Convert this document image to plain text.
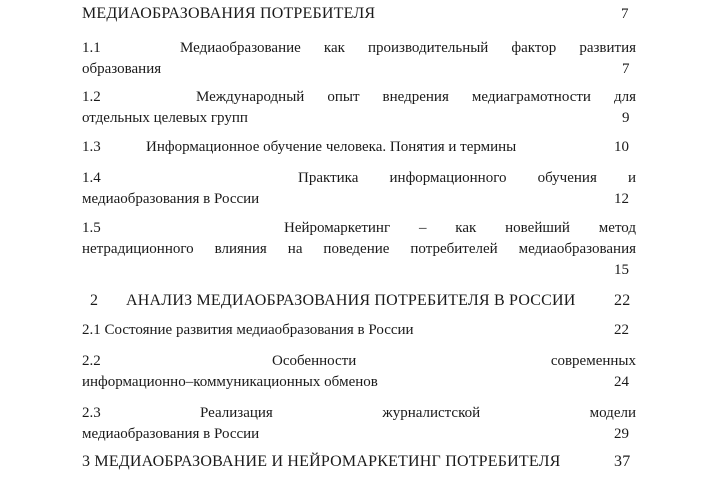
МЕДИАОБРАЗОВАНИЯ ПОТРЕБИТЕЛЯ	7
1.1	Медиаобразование как производительный фактор развития
образования	7
1.2	Международный опыт внедрения медиаграмотности для
отдельных целевых групп	9
1.3	Информационное обучение человека. Понятия и термины	10
1.4	Практика информационного обучения и
медиаобразования в России	12
1.5	Нейромаркетинг – как новейший метод
нетрадиционного влияния на поведение потребителей медиаобразования
15
2 АНАЛИЗ МЕДИАОБРАЗОВАНИЯ ПОТРЕБИТЕЛЯ В РОССИИ 22
2.1 Состояние развития медиаобразования в России	22
2.2	Особенности современных
информационно–коммуникационных обменов	24
2.3	Реализация журналистской модели
медиаобразования в России	29
3 МЕДИАОБРАЗОВАНИЕ И НЕЙРОМАРКЕТИНГ ПОТРЕБИТЕЛЯ	37
